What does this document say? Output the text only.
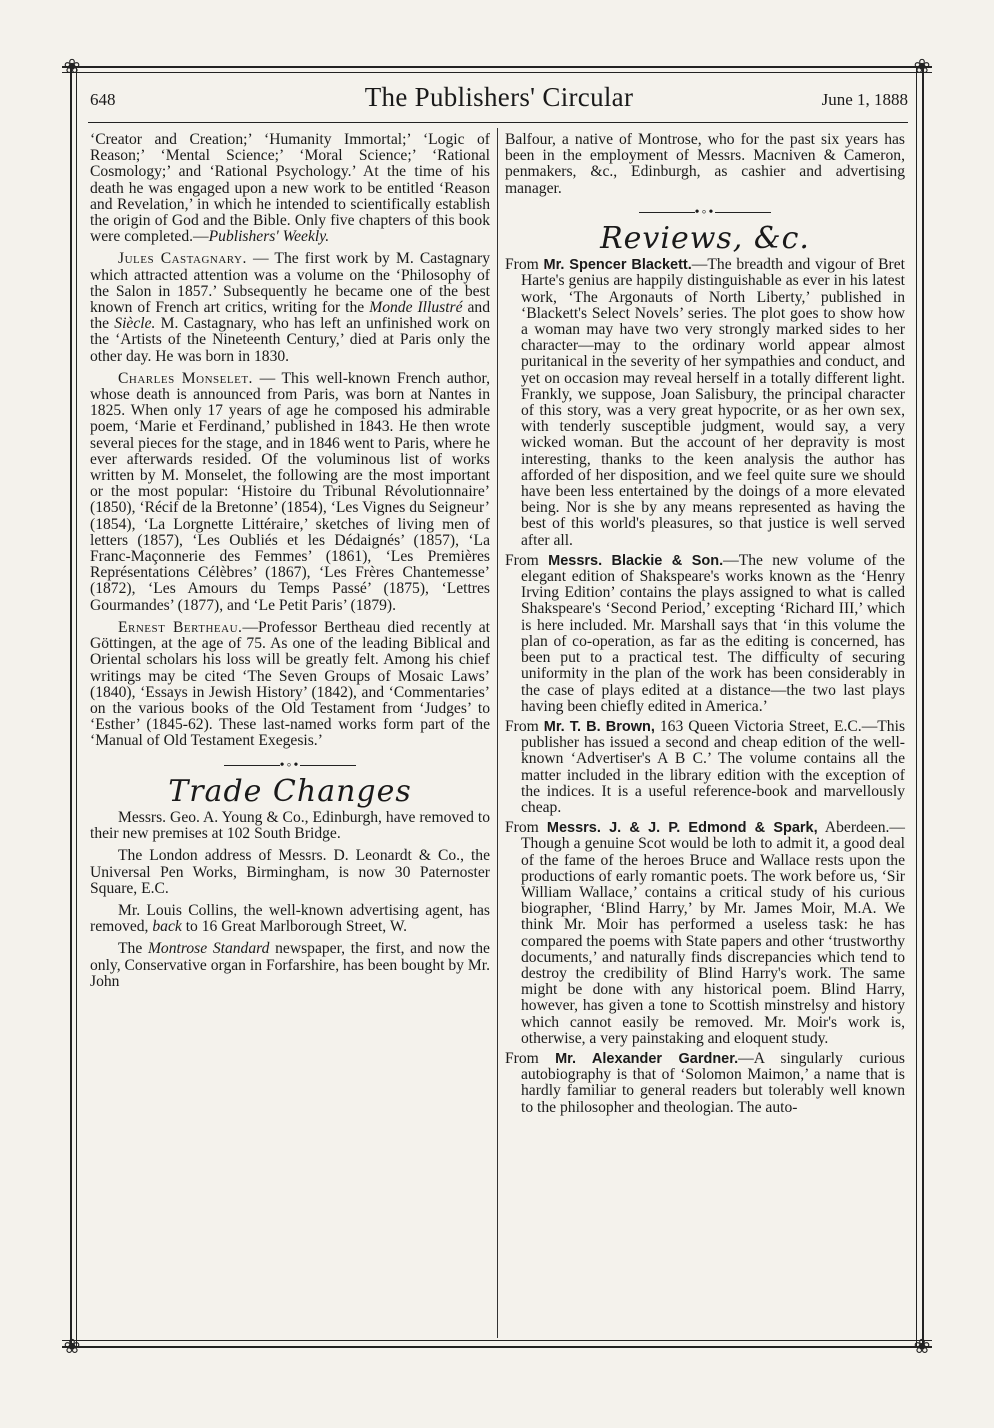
❀
❀
❀
❀
648	The Publishers' Circular	June 1, 1888

‘Creator and Creation;’ ‘Humanity Immortal;’ ‘Logic of Reason;’ ‘Mental Science;’ ‘Moral Science;’ ‘Rational Cosmology;’ and ‘Rational Psychology.’ At the time of his death he was engaged upon a new work to be entitled ‘Reason and Revelation,’ in which he intended to scientifically establish the origin of God and the Bible. Only five chapters of this book were completed.—Publishers' Weekly.

Jules Castagnary. — The first work by M. Castagnary which attracted attention was a volume on the ‘Philosophy of the Salon in 1857.’ Subsequently he became one of the best known of French art critics, writing for the Monde Illustré and the Siècle. M. Castagnary, who has left an unfinished work on the ‘Artists of the Nineteenth Century,’ died at Paris only the other day. He was born in 1830.

Charles Monselet. — This well-known French author, whose death is announced from Paris, was born at Nantes in 1825. When only 17 years of age he composed his admirable poem, ‘Marie et Ferdinand,’ published in 1843. He then wrote several pieces for the stage, and in 1846 went to Paris, where he ever afterwards resided. Of the voluminous list of works written by M. Monselet, the following are the most important or the most popular: ‘Histoire du Tribunal Révolutionnaire’ (1850), ‘Récif de la Bretonne’ (1854), ‘Les Vignes du Seigneur’ (1854), ‘La Lorgnette Littéraire,’ sketches of living men of letters (1857), ‘Les Oubliés et les Dédaignés’ (1857), ‘La Franc-Maçonnerie des Femmes’ (1861), ‘Les Premières Représentations Célèbres’ (1867), ‘Les Frères Chantemesse’ (1872), ‘Les Amours du Temps Passé’ (1875), ‘Lettres Gourmandes’ (1877), and ‘Le Petit Paris’ (1879).

Ernest Bertheau.—Professor Bertheau died recently at Göttingen, at the age of 75. As one of the leading Biblical and Oriental scholars his loss will be greatly felt. Among his chief writings may be cited ‘The Seven Groups of Mosaic Laws’ (1840), ‘Essays in Jewish History’ (1842), and ‘Commentaries’ on the various books of the Old Testament from ‘Judges’ to ‘Esther’ (1845-62). These last-named works form part of the ‘Manual of Old Testament Exegesis.’

•◦•
Trade Changes

Messrs. Geo. A. Young & Co., Edinburgh, have removed to their new premises at 102 South Bridge.

The London address of Messrs. D. Leonardt & Co., the Universal Pen Works, Birmingham, is now 30 Paternoster Square, E.C.

Mr. Louis Collins, the well-known advertising agent, has removed, back to 16 Great Marlborough Street, W.

The Montrose Standard newspaper, the first, and now the only, Conservative organ in Forfarshire, has been bought by Mr. John

Balfour, a native of Montrose, who for the past six years has been in the employment of Messrs. Macniven & Cameron, penmakers, &c., Edinburgh, as cashier and advertising manager.

•◦•
Reviews, &c.

From Mr. Spencer Blackett.—The breadth and vigour of Bret Harte's genius are happily distinguishable as ever in his latest work, ‘The Argonauts of North Liberty,’ published in ‘Blackett's Select Novels’ series. The plot goes to show how a woman may have two very strongly marked sides to her character—may to the ordinary world appear almost puritanical in the severity of her sympathies and conduct, and yet on occasion may reveal herself in a totally different light. Frankly, we suppose, Joan Salisbury, the principal character of this story, was a very great hypocrite, or as her own sex, with tenderly susceptible judgment, would say, a very wicked woman. But the account of her depravity is most interesting, thanks to the keen analysis the author has afforded of her disposition, and we feel quite sure we should have been less entertained by the doings of a more elevated being. Nor is she by any means represented as having the best of this world's pleasures, so that justice is well served after all.

From Messrs. Blackie & Son.—The new volume of the elegant edition of Shakspeare's works known as the ‘Henry Irving Edition’ contains the plays assigned to what is called Shakspeare's ‘Second Period,’ excepting ‘Richard III,’ which is here included. Mr. Marshall says that ‘in this volume the plan of co-operation, as far as the editing is concerned, has been put to a practical test. The difficulty of securing uniformity in the plan of the work has been considerably in the case of plays edited at a distance—the two last plays having been chiefly edited in America.’

From Mr. T. B. Brown, 163 Queen Victoria Street, E.C.—This publisher has issued a second and cheap edition of the well-known ‘Advertiser's A B C.’ The volume contains all the matter included in the library edition with the exception of the indices. It is a useful reference-book and marvellously cheap.

From Messrs. J. & J. P. Edmond & Spark, Aberdeen.—Though a genuine Scot would be loth to admit it, a good deal of the fame of the heroes Bruce and Wallace rests upon the productions of early romantic poets. The work before us, ‘Sir William Wallace,’ contains a critical study of his curious biographer, ‘Blind Harry,’ by Mr. James Moir, M.A. We think Mr. Moir has performed a useless task: he has compared the poems with State papers and other ‘trustworthy documents,’ and naturally finds discrepancies which tend to destroy the credibility of Blind Harry's work. The same might be done with any historical poem. Blind Harry, however, has given a tone to Scottish minstrelsy and history which cannot easily be removed. Mr. Moir's work is, otherwise, a very painstaking and eloquent study.

From Mr. Alexander Gardner.—A singularly curious autobiography is that of ‘Solomon Maimon,’ a name that is hardly familiar to general readers but tolerably well known to the philosopher and theologian. The auto-
